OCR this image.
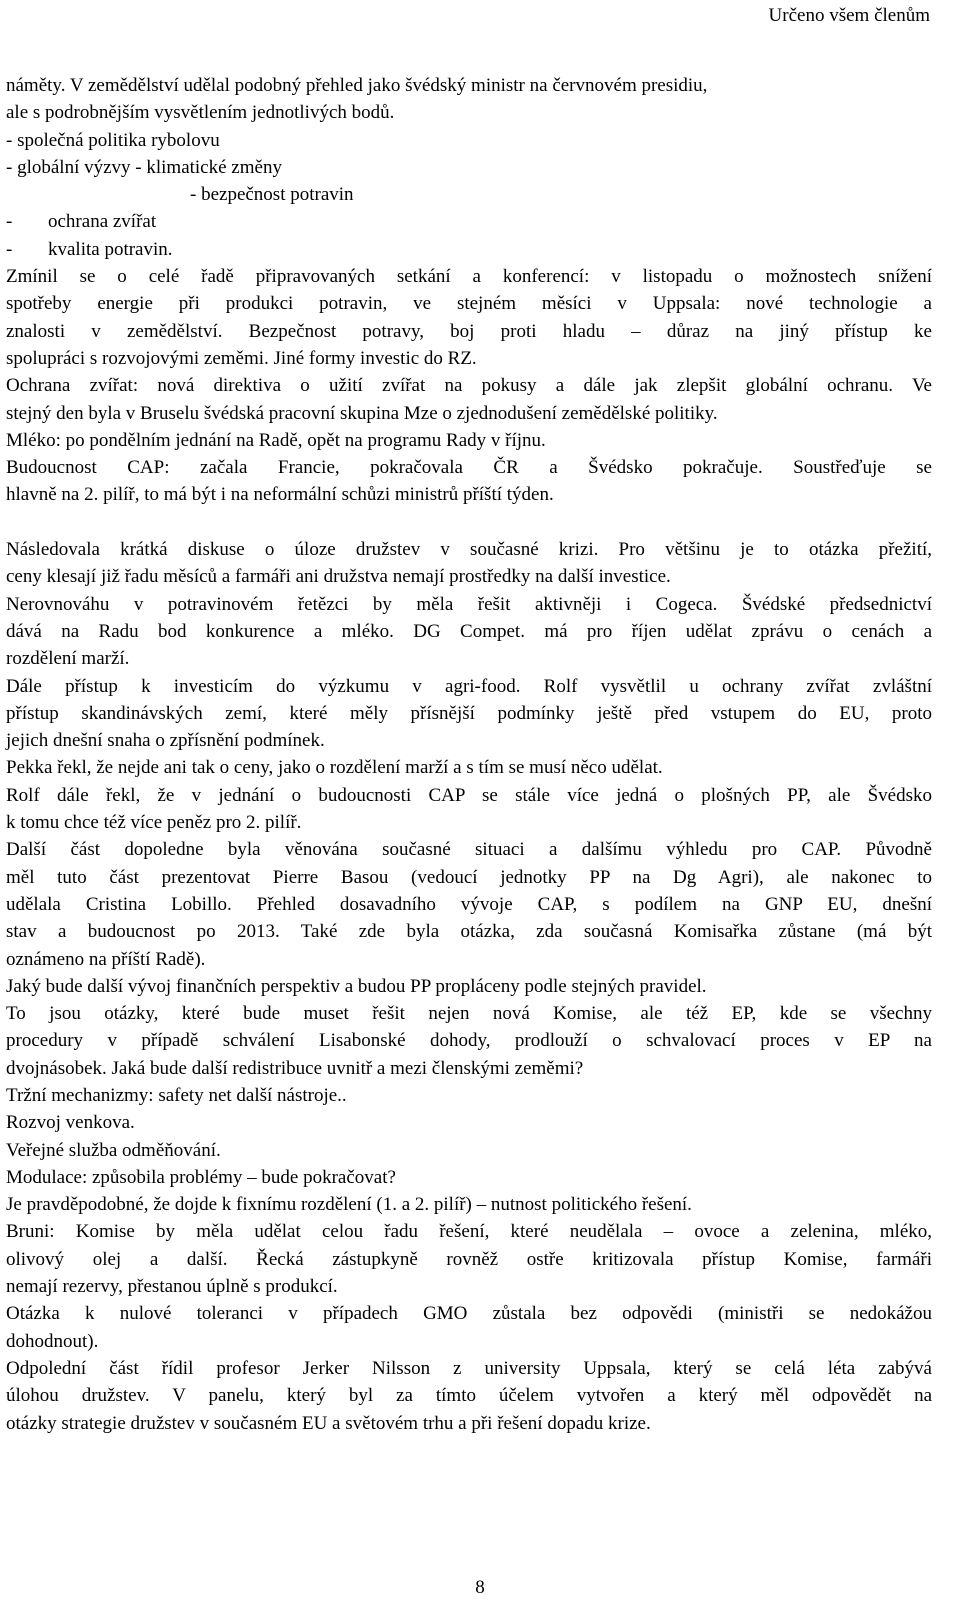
Určeno všem členům
náměty. V zemědělství udělal podobný přehled jako švédský ministr na červnovém presidiu,
ale s podrobnějším vysvětlením jednotlivých bodů.
- společná politika rybolovu
- globální výzvy - klimatické změny
- bezpečnost potravin
- ochrana zvířat
- kvalita potravin.
Zmínil se o celé řadě připravovaných setkání a konferencí: v listopadu o možnostech snížení
spotřeby energie při produkci potravin, ve stejném měsíci v Uppsala: nové technologie a
znalosti v zemědělství. Bezpečnost potravy, boj proti hladu – důraz na jiný přístup ke
spolupráci s rozvojovými zeměmi. Jiné formy investic do RZ.
Ochrana zvířat: nová direktiva o užití zvířat na pokusy a dále jak zlepšit globální ochranu. Ve
stejný den byla v Bruselu švédská pracovní skupina Mze o zjednodušení zemědělské politiky.
Mléko: po pondělním jednání na Radě, opět na programu Rady v říjnu.
Budoucnost CAP: začala Francie, pokračovala ČR a Švédsko pokračuje. Soustřeďuje se
hlavně na 2. pilíř, to má být i na neformální schůzi ministrů příští týden.
Následovala krátká diskuse o úloze družstev v současné krizi. Pro většinu je to otázka přežití,
ceny klesají již řadu měsíců a farmáři ani družstva nemají prostředky na další investice.
Nerovnováhu v potravinovém řetězci by měla řešit aktivněji i Cogeca. Švédské předsednictví
dává na Radu bod konkurence a mléko. DG Compet. má pro říjen udělat zprávu o cenách a
rozdělení marží.
Dále přístup k investicím do výzkumu v agri-food. Rolf vysvětlil u ochrany zvířat zvláštní
přístup skandinávských zemí, které měly přísnější podmínky ještě před vstupem do EU, proto
jejich dnešní snaha o zpřísnění podmínek.
Pekka řekl, že nejde ani tak o ceny, jako o rozdělení marží a s tím se musí něco udělat.
Rolf dále řekl, že v jednání o budoucnosti CAP se stále více jedná o plošných PP, ale Švédsko
k tomu chce též více peněz pro 2. pilíř.
Další část dopoledne byla věnována současné situaci a dalšímu výhledu pro CAP. Původně
měl tuto část prezentovat Pierre Basou (vedoucí jednotky PP na Dg Agri), ale nakonec to
udělala Cristina Lobillo. Přehled dosavadního vývoje CAP, s podílem na GNP EU, dnešní
stav a budoucnost po 2013. Také zde byla otázka, zda současná Komisařka zůstane (má být
oznámeno na příští Radě).
Jaký bude další vývoj finančních perspektiv a budou PP propláceny podle stejných pravidel.
To jsou otázky, které bude muset řešit nejen nová Komise, ale též EP, kde se všechny
procedury v případě schválení Lisabonské dohody, prodlouží o schvalovací proces v EP na
dvojnásobek. Jaká bude další redistribuce uvnitř a mezi členskými zeměmi?
Tržní mechanizmy: safety net další nástroje..
Rozvoj venkova.
Veřejné služba odměňování.
Modulace: způsobila problémy – bude pokračovat?
Je pravděpodobné, že dojde k fixnímu rozdělení (1. a 2. pilíř) – nutnost politického řešení.
Bruni: Komise by měla udělat celou řadu řešení, které neudělala – ovoce a zelenina, mléko,
olivový olej a další. Řecká zástupkyně rovněž ostře kritizovala přístup Komise, farmáři
nemají rezervy, přestanou úplně s produkcí.
Otázka k nulové toleranci v případech GMO zůstala bez odpovědi (ministři se nedokážou
dohodnout).
Odpolední část řídil profesor Jerker Nilsson z university Uppsala, který se celá léta zabývá
úlohou družstev. V panelu, který byl za tímto účelem vytvořen a který měl odpovědět na
otázky strategie družstev v současném EU a světovém trhu a při řešení dopadu krize.
8
